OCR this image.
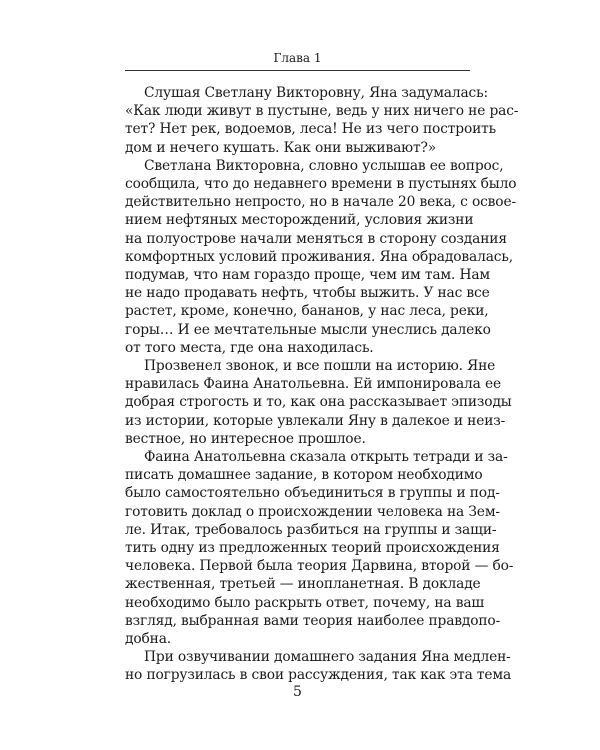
Глава 1
Слушая Светлану Викторовну, Яна задумалась:
«Как люди живут в пустыне, ведь у них ничего не рас-
тет? Нет рек, водоемов, леса! Не из чего построить
дом и нечего кушать. Как они выживают?»
Светлана Викторовна, словно услышав ее вопрос,
сообщила, что до недавнего времени в пустынях было
действительно непросто, но в начале 20 века, с освое-
нием нефтяных месторождений, условия жизни
на полуострове начали меняться в сторону создания
комфортных условий проживания. Яна обрадовалась,
подумав, что нам гораздо проще, чем им там. Нам
не надо продавать нефть, чтобы выжить. У нас все
растет, кроме, конечно, бананов, у нас леса, реки,
горы… И ее мечтательные мысли унеслись далеко
от того места, где она находилась.
Прозвенел звонок, и все пошли на историю. Яне
нравилась Фаина Анатольевна. Ей импонировала ее
добрая строгость и то, как она рассказывает эпизоды
из истории, которые увлекали Яну в далекое и неиз-
вестное, но интересное прошлое.
Фаина Анатольевна сказала открыть тетради и за-
писать домашнее задание, в котором необходимо
было самостоятельно объединиться в группы и под-
готовить доклад о происхождении человека на Зем-
ле. Итак, требовалось разбиться на группы и защи-
тить одну из предложенных теорий происхождения
человека. Первой была теория Дарвина, второй — бо-
жественная, третьей — инопланетная. В докладе
необходимо было раскрыть ответ, почему, на ваш
взгляд, выбранная вами теория наиболее правдопо-
добна.
При озвучивании домашнего задания Яна медлен-
но погрузилась в свои рассуждения, так как эта тема
5
